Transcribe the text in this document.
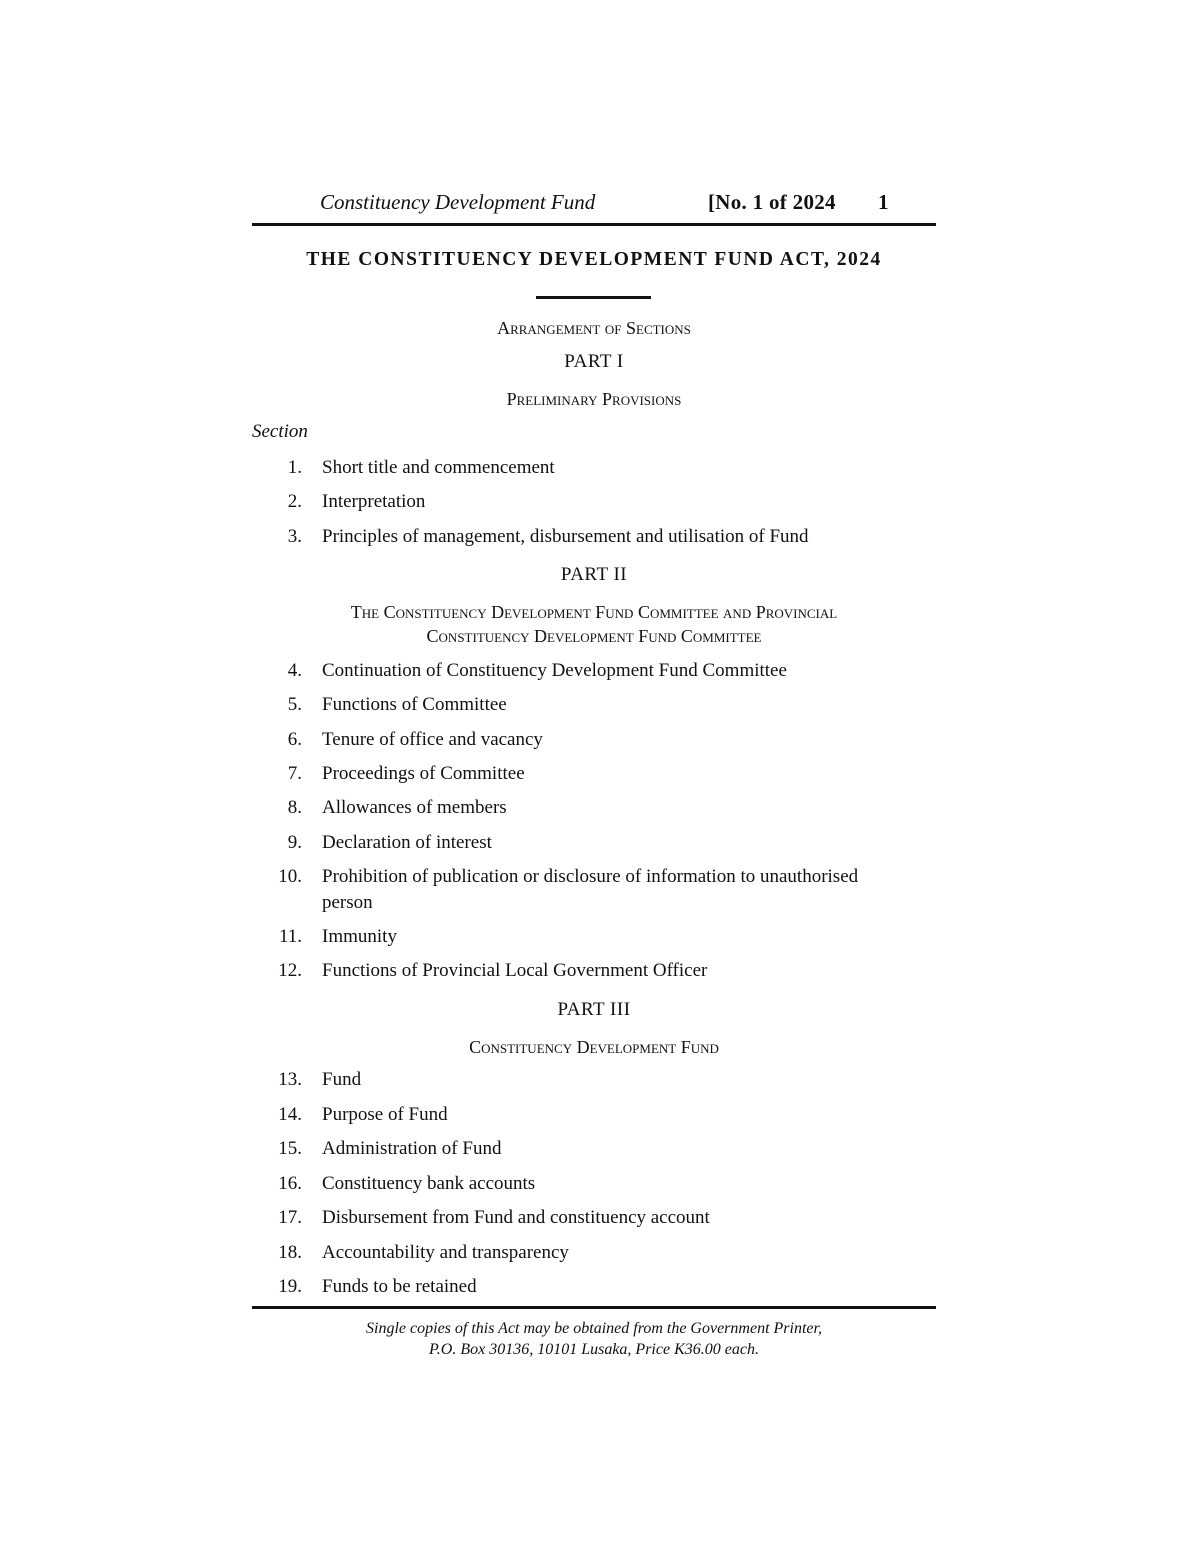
Constituency Development Fund	[No. 1 of 2024 1
THE CONSTITUENCY DEVELOPMENT FUND ACT, 2024
Arrangement of Sections
PART I
Preliminary Provisions
Section
1. Short title and commencement
2. Interpretation
3. Principles of management, disbursement and utilisation of Fund
PART II
The Constituency Development Fund Committee and Provincial
Constituency Development Fund Committee
4. Continuation of Constituency Development Fund Committee
5. Functions of Committee
6. Tenure of office and vacancy
7. Proceedings of Committee
8. Allowances of members
9. Declaration of interest
10. Prohibition of publication or disclosure of information to unauthorised
person
11. Immunity
12. Functions of Provincial Local Government Officer
PART III
Constituency Development Fund
13. Fund
14. Purpose of Fund
15. Administration of Fund
16. Constituency bank accounts
17. Disbursement from Fund and constituency account
18. Accountability and transparency
19. Funds to be retained
Single copies of this Act may be obtained from the Government Printer,
P.O. Box 30136, 10101 Lusaka, Price K36.00 each.
